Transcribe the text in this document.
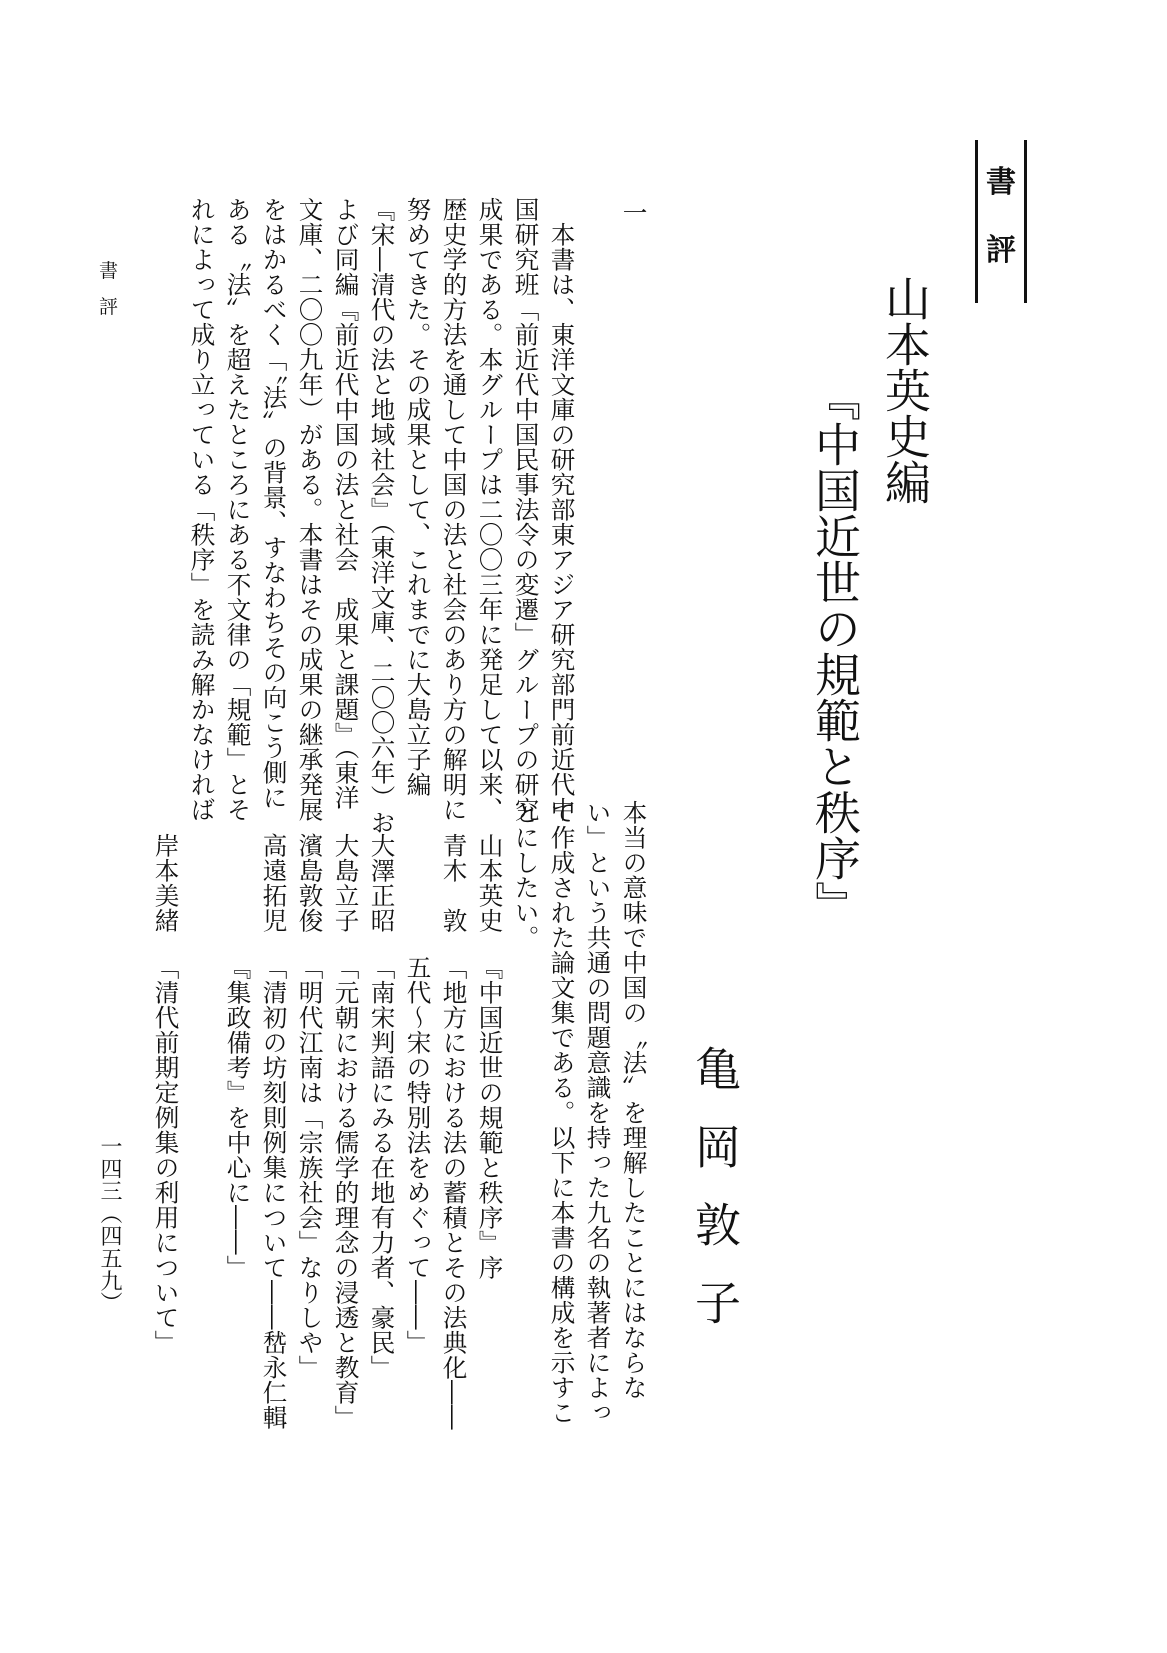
書
評
山本英史編
『中国近世の規範と秩序』
亀
岡
敦
子
本当の意味で中国の〝法〟を理解したことにはならな
い」という共通の問題意識を持った九名の執著者によっ
て作成された論文集である。以下に本書の構成を示すこ
とにしたい。
山本英史
『中国近世の規範と秩序』序
青木　敦
「地方における法の蓄積とその法典化――
五代～宋の特別法をめぐって――」
大澤正昭
「南宋判語にみる在地有力者、豪民」
大島立子
「元朝における儒学的理念の浸透と教育」
濱島敦俊
「明代江南は「宗族社会」なりしや」
高遠拓児
「清初の坊刻則例集について――嵆永仁輯
『集政備考』を中心に――」
岸本美緒
「清代前期定例集の利用について」
一
本書は、東洋文庫の研究部東アジア研究部門前近代中
国研究班「前近代中国民事法令の変遷」グループの研究
成果である。本グループは二〇〇三年に発足して以来、
歴史学的方法を通して中国の法と社会のあり方の解明に
努めてきた。その成果として、これまでに大島立子編
『宋―清代の法と地域社会』（東洋文庫、二〇〇六年）お
よび同編『前近代中国の法と社会　成果と課題』（東洋
文庫、二〇〇九年）がある。本書はその成果の継承発展
をはかるべく「〝法〟の背景、すなわちその向こう側に
ある〝法〟を超えたところにある不文律の「規範」とそ
れによって成り立っている「秩序」を読み解かなければ
書
評
一四三（四五九）
